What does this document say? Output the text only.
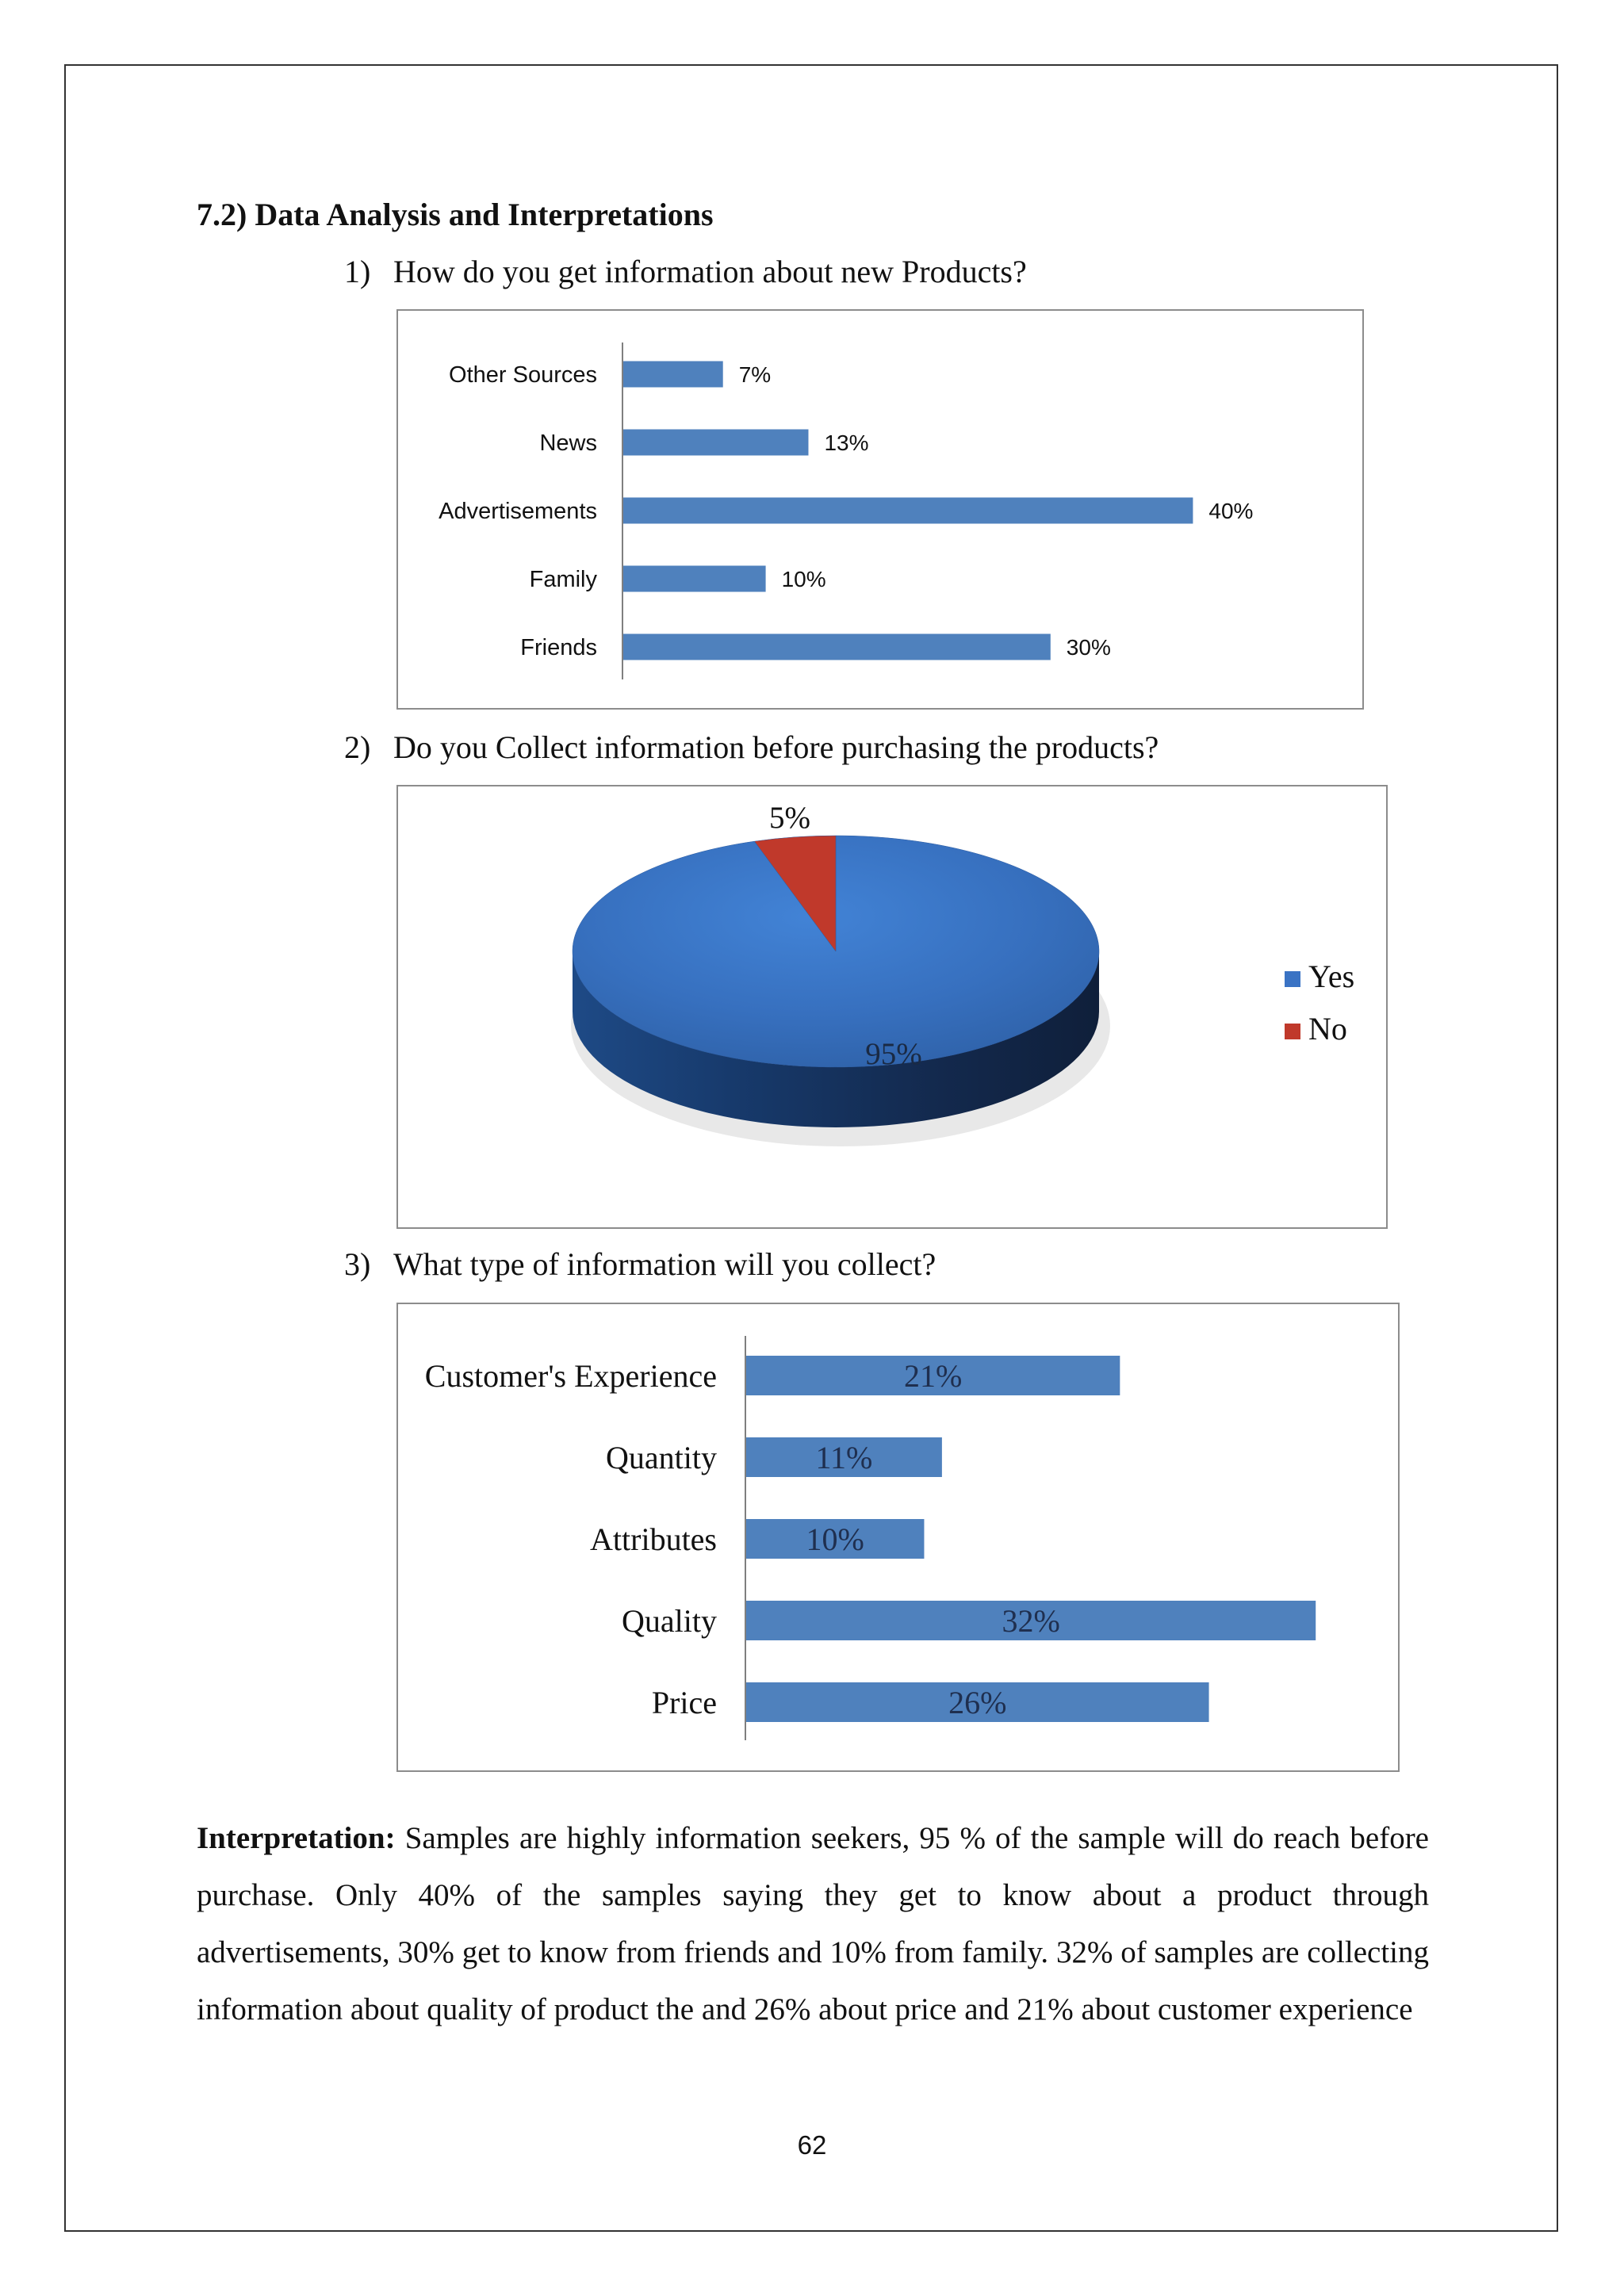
7.2) Data Analysis and Interpretations
1) How do you get information about new Products?
Other Sources	7%
News	13%
Advertisements	40%
Family	10%
Friends	30%
2) Do you Collect information before purchasing the products?
95%
5%
Yes
No
3) What type of information will you collect?
Customer's Experience	21%
Quantity	11%
Attributes	10%
Quality	32%
Price	26%
Interpretation: Samples are highly information seekers, 95 % of the sample will do reach before purchase. Only 40% of the samples saying they get to know about a product through advertisements, 30% get to know from friends and 10% from family. 32% of samples are collecting information about quality of product the and 26% about price and 21% about customer experience
62
